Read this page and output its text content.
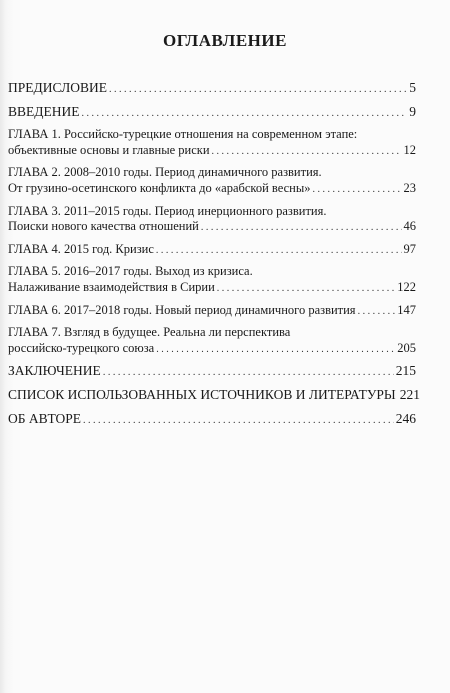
ОГЛАВЛЕНИЕ
ПРЕДИСЛОВИЕ . . .	5
ВВЕДЕНИЕ . . .	9
ГЛАВА 1. Российско-турецкие отношения на современном этапе:
объективные основы и главные риски . . .	12
ГЛАВА 2. 2008–2010 годы. Период динамичного развития.
От грузино-осетинского конфликта до «арабской весны» . . .	23
ГЛАВА 3. 2011–2015 годы. Период инерционного развития.
Поиски нового качества отношений . . .	46
ГЛАВА 4. 2015 год. Кризис . . .	97
ГЛАВА 5. 2016–2017 годы. Выход из кризиса.
Налаживание взаимодействия в Сирии . . .	122
ГЛАВА 6. 2017–2018 годы. Новый период динамичного развития . . .	147
ГЛАВА 7. Взгляд в будущее. Реальна ли перспектива
российско-турецкого союза . . .	205
ЗАКЛЮЧЕНИЕ . . .	215
СПИСОК ИСПОЛЬЗОВАННЫХ ИСТОЧНИКОВ И ЛИТЕРАТУРЫ 221
ОБ АВТОРЕ . . .	246
